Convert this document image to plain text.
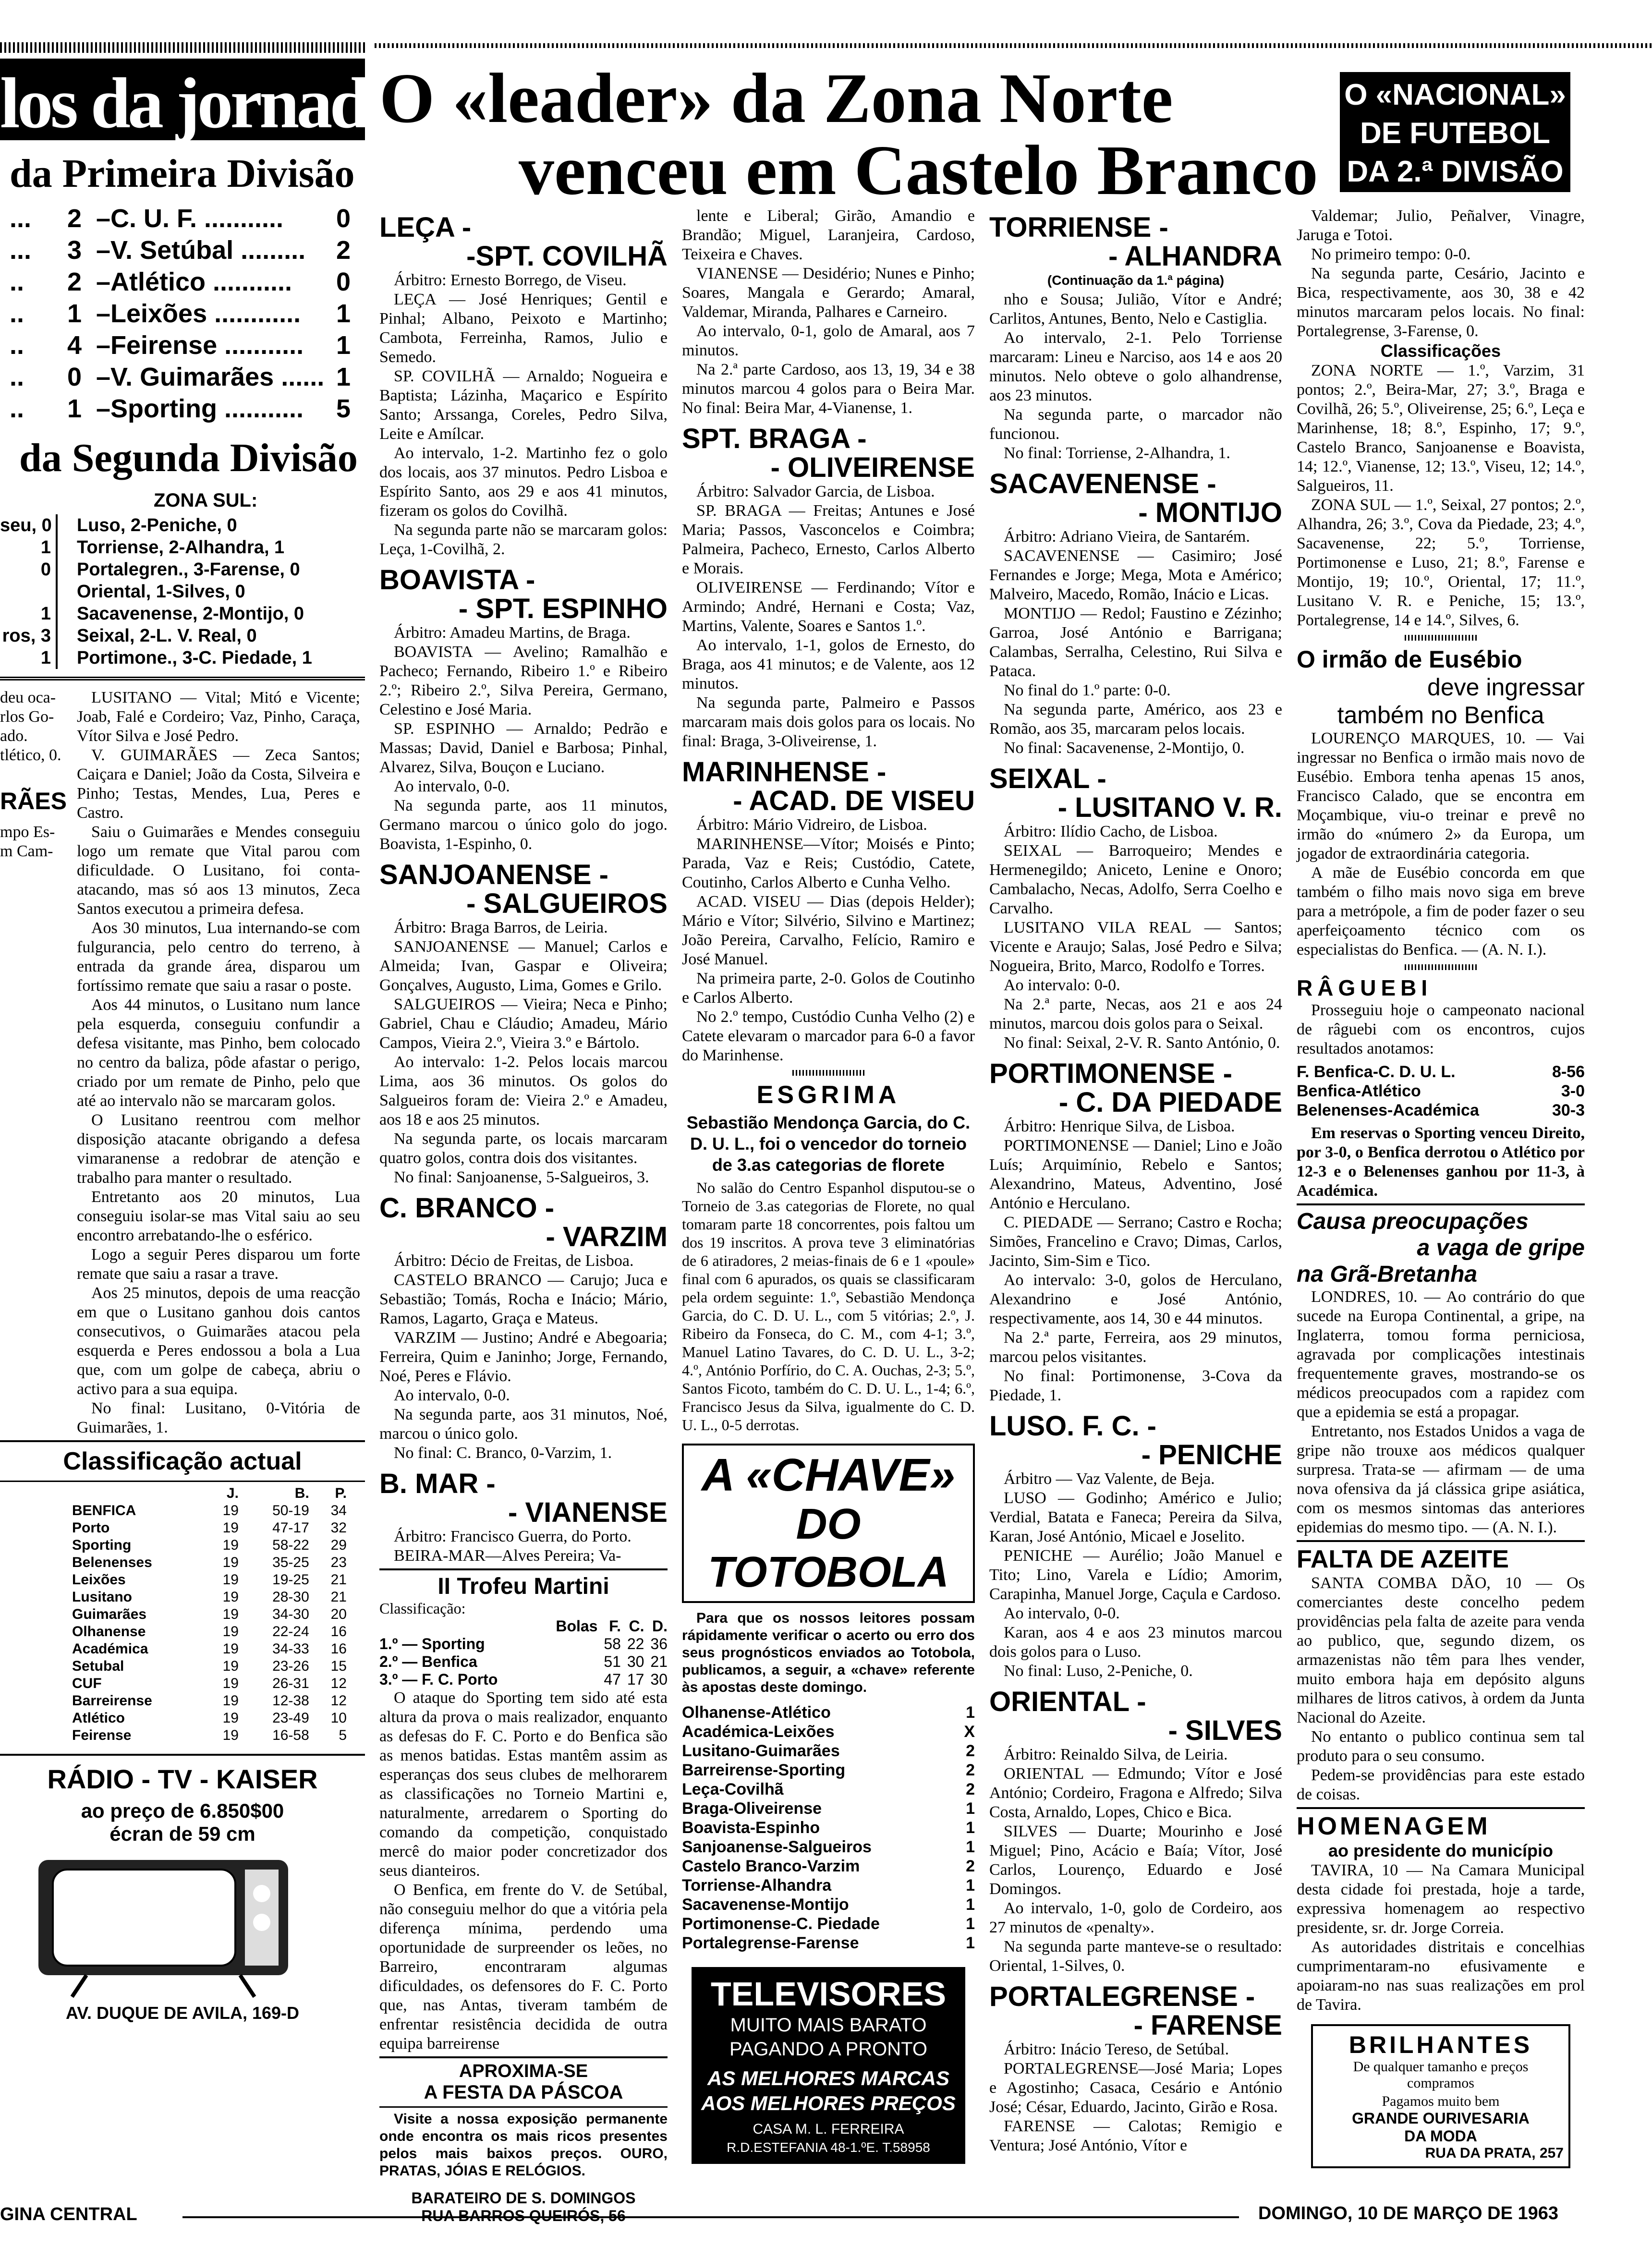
los da jornada
da Primeira Divisão
...	2 – C. U. F. ...........	0
...	3 – V. Setúbal .........	2
..	2 – Atlético ...........	0
..	1 – Leixões ............	1
..	4 – Feirense ...........	1
..	0 – V. Guimarães ...... 1
..	1 – Sporting ...........	5
da Segunda Divisão
ZONA SUL:
seu, 0	Luso, 2-Peniche, 0
1	Torriense, 2-Alhandra, 1
0	Portalegren., 3-Farense, 0
Oriental, 1-Silves, 0
1	Sacavenense, 2-Montijo, 0
ros, 3	Seixal, 2-L. V. Real, 0
1	Portimone., 3-C. Piedade, 1
deu oca-
rlos Go-
ado.
tlético, 0.
RÃES
mpo Es-
m Cam-

LUSITANO — Vital; Mitó e Vicente; Joab, Falé e Cordeiro; Vaz, Pinho, Caraça, Vítor Silva e José Pedro.

V. GUIMARÃES — Zeca Santos; Caiçara e Daniel; João da Costa, Silveira e Pinho; Testas, Mendes, Lua, Peres e Castro.

Saiu o Guimarães e Mendes conseguiu logo um remate que Vital parou com dificuldade. O Lusitano, foi conta-atacando, mas só aos 13 minutos, Zeca Santos executou a primeira defesa.

Aos 30 minutos, Lua internando-se com fulgurancia, pelo centro do terreno, à entrada da grande área, disparou um fortíssimo remate que saiu a rasar o poste.

Aos 44 minutos, o Lusitano num lance pela esquerda, conseguiu confundir a defesa visitante, mas Pinho, bem colocado no centro da baliza, pôde afastar o perigo, criado por um remate de Pinho, pelo que até ao intervalo não se marcaram golos.

O Lusitano reentrou com melhor disposição atacante obrigando a defesa vimaranense a redobrar de atenção e trabalho para manter o resultado.

Entretanto aos 20 minutos, Lua conseguiu isolar-se mas Vital saiu ao seu encontro arrebatando-lhe o esférico.

Logo a seguir Peres disparou um forte remate que saiu a rasar a trave.

Aos 25 minutos, depois de uma reacção em que o Lusitano ganhou dois cantos consecutivos, o Guimarães atacou pela esquerda e Peres endossou a bola a Lua que, com um golpe de cabeça, abriu o activo para a sua equipa.

No final: Lusitano, 0-Vitória de Guimarães, 1.

Classificação actual
	J.	B.	P.
BENFICA	19	50-19	34
Porto	19	47-17	32
Sporting	19	58-22	29
Belenenses	19	35-25	23
Leixões	19	19-25	21
Lusitano	19	28-30	21
Guimarães	19	34-30	20
Olhanense	19	22-24	16
Académica	19	34-33	16
Setubal	19	23-26	15
CUF	19	26-31	12
Barreirense	19	12-38	12
Atlético	19	23-49	10
Feirense	19	16-58	5
RÁDIO - TV - KAISER
ao preço de 6.850$00
écran de 59 cm
AV. DUQUE DE AVILA, 169-D
GINA CENTRAL
O «leader» da Zona Norte
venceu em Castelo Branco
O «NACIONAL»
DE FUTEBOL
DA 2.ª DIVISÃO
LEÇA -
-SPT. COVILHÃ

Árbitro: Ernesto Borrego, de Viseu.

LEÇA — José Henriques; Gentil e Pinhal; Albano, Peixoto e Martinho; Cambota, Ferreinha, Ramos, Julio e Semedo.

SP. COVILHÃ — Arnaldo; Nogueira e Baptista; Lázinha, Maçarico e Espírito Santo; Arssanga, Coreles, Pedro Silva, Leite e Amílcar.

Ao intervalo, 1-2. Martinho fez o golo dos locais, aos 37 minutos. Pedro Lisboa e Espírito Santo, aos 29 e aos 41 minutos, fizeram os golos do Covilhã.

Na segunda parte não se marcaram golos: Leça, 1-Covilhã, 2.

BOAVISTA -
- SPT. ESPINHO

Árbitro: Amadeu Martins, de Braga.

BOAVISTA — Avelino; Ramalhão e Pacheco; Fernando, Ribeiro 1.º e Ribeiro 2.º; Ribeiro 2.º, Silva Pereira, Germano, Celestino e José Maria.

SP. ESPINHO — Arnaldo; Pedrão e Massas; David, Daniel e Barbosa; Pinhal, Alvarez, Silva, Bouçon e Luciano.

Ao intervalo, 0-0.

Na segunda parte, aos 11 minutos, Germano marcou o único golo do jogo. Boavista, 1-Espinho, 0.

SANJOANENSE -
- SALGUEIROS

Árbitro: Braga Barros, de Leiria.

SANJOANENSE — Manuel; Carlos e Almeida; Ivan, Gaspar e Oliveira; Gonçalves, Augusto, Lima, Gomes e Grilo.

SALGUEIROS — Vieira; Neca e Pinho; Gabriel, Chau e Cláudio; Amadeu, Mário Campos, Vieira 2.º, Vieira 3.º e Bártolo.

Ao intervalo: 1-2. Pelos locais marcou Lima, aos 36 minutos. Os golos do Salgueiros foram de: Vieira 2.º e Amadeu, aos 18 e aos 25 minutos.

Na segunda parte, os locais marcaram quatro golos, contra dois dos visitantes.

No final: Sanjoanense, 5-Salgueiros, 3.

C. BRANCO -
- VARZIM

Árbitro: Décio de Freitas, de Lisboa.

CASTELO BRANCO — Carujo; Juca e Sebastião; Tomás, Rocha e Inácio; Mário, Ramos, Lagarto, Graça e Mateus.

VARZIM — Justino; André e Abegoaria; Ferreira, Quim e Janinho; Jorge, Fernando, Noé, Peres e Flávio.

Ao intervalo, 0-0.

Na segunda parte, aos 31 minutos, Noé, marcou o único golo.

No final: C. Branco, 0-Varzim, 1.

B. MAR -
- VIANENSE

Árbitro: Francisco Guerra, do Porto.

BEIRA-MAR—Alves Pereira; Va-

II Trofeu Martini
Classificação:
	Bolas	F.	C.	D.
1.º — Sporting		58	22	36
2.º — Benfica		51	30	21
3.º — F. C. Porto		47	17	30

O ataque do Sporting tem sido até esta altura da prova o mais realizador, enquanto as defesas do F. C. Porto e do Benfica são as menos batidas. Estas mantêm assim as esperanças dos seus clubes de melhorarem as classificações no Torneio Martini e, naturalmente, arredarem o Sporting do comando da competição, conquistado mercê do maior poder concretizador dos seus dianteiros.

O Benfica, em frente do V. de Setúbal, não conseguiu melhor do que a vitória pela diferença mínima, perdendo uma oportunidade de surpreender os leões, no Barreiro, encontraram algumas dificuldades, os defensores do F. C. Porto que, nas Antas, tiveram também de enfrentar resistência decidida de outra equipa barreirense

APROXIMA-SE
A FESTA DA PÁSCOA

Visite a nossa exposição permanente onde encontra os mais ricos presentes pelos mais baixos preços. OURO, PRATAS, JÓIAS E RELÓGIOS.

BARATEIRO DE S. DOMINGOS
RUA BARROS QUEIRÓS, 56

lente e Liberal; Girão, Amandio e Brandão; Miguel, Laranjeira, Cardoso, Teixeira e Chaves.

VIANENSE — Desidério; Nunes e Pinho; Soares, Mangala e Gerardo; Amaral, Valdemar, Miranda, Palhares e Carneiro.

Ao intervalo, 0-1, golo de Amaral, aos 7 minutos.

Na 2.ª parte Cardoso, aos 13, 19, 34 e 38 minutos marcou 4 golos para o Beira Mar. No final: Beira Mar, 4-Vianense, 1.

SPT. BRAGA -
- OLIVEIRENSE

Árbitro: Salvador Garcia, de Lisboa.

SP. BRAGA — Freitas; Antunes e José Maria; Passos, Vasconcelos e Coimbra; Palmeira, Pacheco, Ernesto, Carlos Alberto e Morais.

OLIVEIRENSE — Ferdinando; Vítor e Armindo; André, Hernani e Costa; Vaz, Martins, Valente, Soares e Santos 1.º.

Ao intervalo, 1-1, golos de Ernesto, do Braga, aos 41 minutos; e de Valente, aos 12 minutos.

Na segunda parte, Palmeiro e Passos marcaram mais dois golos para os locais. No final: Braga, 3-Oliveirense, 1.

MARINHENSE -
- ACAD. DE VISEU

Árbitro: Mário Vidreiro, de Lisboa.

MARINHENSE—Vítor; Moisés e Pinto; Parada, Vaz e Reis; Custódio, Catete, Coutinho, Carlos Alberto e Cunha Velho.

ACAD. VISEU — Dias (depois Helder); Mário e Vítor; Silvério, Silvino e Martinez; João Pereira, Carvalho, Felício, Ramiro e José Manuel.

Na primeira parte, 2-0. Golos de Coutinho e Carlos Alberto.

No 2.º tempo, Custódio Cunha Velho (2) e Catete elevaram o marcador para 6-0 a favor do Marinhense.

ESGRIMA
Sebastião Mendonça Garcia, do C. D. U. L., foi o vencedor do torneio de 3.as categorias de florete

No salão do Centro Espanhol disputou-se o Torneio de 3.as categorias de Florete, no qual tomaram parte 18 concorrentes, pois faltou um dos 19 inscritos. A prova teve 3 eliminatórias de 6 atiradores, 2 meias-finais de 6 e 1 «poule» final com 6 apurados, os quais se classificaram pela ordem seguinte: 1.º, Sebastião Mendonça Garcia, do C. D. U. L., com 5 vitórias; 2.º, J. Ribeiro da Fonseca, do C. M., com 4-1; 3.º, Manuel Latino Tavares, do C. D. U. L., 3-2; 4.º, António Porfírio, do C. A. Ouchas, 2-3; 5.º, Santos Ficoto, também do C. D. U. L., 1-4; 6.º, Francisco Jesus da Silva, igualmente do C. D. U. L., 0-5 derrotas.

A «CHAVE»
DO TOTOBOLA

Para que os nossos leitores possam rápidamente verificar o acerto ou erro dos seus prognósticos enviados ao Totobola, publicamos, a seguir, a «chave» referente às apostas deste domingo.

Olhanense-Atlético	1
Académica-Leixões	X
Lusitano-Guimarães	2
Barreirense-Sporting	2
Leça-Covilhã	2
Braga-Oliveirense	1
Boavista-Espinho	1
Sanjoanense-Salgueiros	1
Castelo Branco-Varzim	2
Torriense-Alhandra	1
Sacavenense-Montijo	1
Portimonense-C. Piedade	1
Portalegrense-Farense	1
TELEVISORES
MUITO MAIS BARATO
PAGANDO A PRONTO
AS MELHORES MARCAS
AOS MELHORES PREÇOS
CASA M. L. FERREIRA
R.D.ESTEFANIA 48-1.ºE. T.58958
TORRIENSE -
- ALHANDRA
(Continuação da 1.ª página)

nho e Sousa; Julião, Vítor e André; Carlitos, Antunes, Bento, Nelo e Castiglia.

Ao intervalo, 2-1. Pelo Torriense marcaram: Lineu e Narciso, aos 14 e aos 20 minutos. Nelo obteve o golo alhandrense, aos 23 minutos.

Na segunda parte, o marcador não funcionou.

No final: Torriense, 2-Alhandra, 1.

SACAVENENSE -
- MONTIJO

Árbitro: Adriano Vieira, de Santarém.

SACAVENENSE — Casimiro; José Fernandes e Jorge; Mega, Mota e Américo; Malveiro, Macedo, Romão, Inácio e Licas.

MONTIJO — Redol; Faustino e Zézinho; Garroa, José António e Barrigana; Calambas, Serralha, Celestino, Rui Silva e Pataca.

No final do 1.º parte: 0-0.

Na segunda parte, Américo, aos 23 e Romão, aos 35, marcaram pelos locais.

No final: Sacavenense, 2-Montijo, 0.

SEIXAL -
- LUSITANO V. R.

Árbitro: Ilídio Cacho, de Lisboa.

SEIXAL — Barroqueiro; Mendes e Hermenegildo; Aniceto, Lenine e Onoro; Cambalacho, Necas, Adolfo, Serra Coelho e Carvalho.

LUSITANO VILA REAL — Santos; Vicente e Araujo; Salas, José Pedro e Silva; Nogueira, Brito, Marco, Rodolfo e Torres.

Ao intervalo: 0-0.

Na 2.ª parte, Necas, aos 21 e aos 24 minutos, marcou dois golos para o Seixal.

No final: Seixal, 2-V. R. Santo António, 0.

PORTIMONENSE -
- C. DA PIEDADE

Árbitro: Henrique Silva, de Lisboa.

PORTIMONENSE — Daniel; Lino e João Luís; Arquimínio, Rebelo e Santos; Alexandrino, Mateus, Adventino, José António e Herculano.

C. PIEDADE — Serrano; Castro e Rocha; Simões, Francelino e Cravo; Dimas, Carlos, Jacinto, Sim-Sim e Tico.

Ao intervalo: 3-0, golos de Herculano, Alexandrino e José António, respectivamente, aos 14, 30 e 44 minutos.

Na 2.ª parte, Ferreira, aos 29 minutos, marcou pelos visitantes.

No final: Portimonense, 3-Cova da Piedade, 1.

LUSO. F. C. -
- PENICHE

Árbitro — Vaz Valente, de Beja.

LUSO — Godinho; Américo e Julio; Verdial, Batata e Faneca; Pereira da Silva, Karan, José António, Micael e Joselito.

PENICHE — Aurélio; João Manuel e Tito; Lino, Varela e Lídio; Amorim, Carapinha, Manuel Jorge, Caçula e Cardoso.

Ao intervalo, 0-0.

Karan, aos 4 e aos 23 minutos marcou dois golos para o Luso.

No final: Luso, 2-Peniche, 0.

ORIENTAL -
- SILVES

Árbitro: Reinaldo Silva, de Leiria.

ORIENTAL — Edmundo; Vítor e José António; Cordeiro, Fragona e Alfredo; Silva Costa, Arnaldo, Lopes, Chico e Bica.

SILVES — Duarte; Mourinho e José Miguel; Pino, Acácio e Baía; Vítor, José Carlos, Lourenço, Eduardo e José Domingos.

Ao intervalo, 1-0, golo de Cordeiro, aos 27 minutos de «penalty».

Na segunda parte manteve-se o resultado: Oriental, 1-Silves, 0.

PORTALEGRENSE -
- FARENSE

Árbitro: Inácio Tereso, de Setúbal.

PORTALEGRENSE—José Maria; Lopes e Agostinho; Casaca, Cesário e António José; César, Eduardo, Jacinto, Girão e Rosa.

FARENSE — Calotas; Remigio e Ventura; José António, Vítor e

Valdemar; Julio, Peñalver, Vinagre, Jaruga e Totoi.

No primeiro tempo: 0-0.

Na segunda parte, Cesário, Jacinto e Bica, respectivamente, aos 30, 38 e 42 minutos marcaram pelos locais. No final: Portalegrense, 3-Farense, 0.

Classificações

ZONA NORTE — 1.º, Varzim, 31 pontos; 2.º, Beira-Mar, 27; 3.º, Braga e Covilhã, 26; 5.º, Oliveirense, 25; 6.º, Leça e Marinhense, 18; 8.º, Espinho, 17; 9.º, Castelo Branco, Sanjoanense e Boavista, 14; 12.º, Vianense, 12; 13.º, Viseu, 12; 14.º, Salgueiros, 11.

ZONA SUL — 1.º, Seixal, 27 pontos; 2.º, Alhandra, 26; 3.º, Cova da Piedade, 23; 4.º, Sacavenense, 22; 5.º, Torriense, Portimonense e Luso, 21; 8.º, Farense e Montijo, 19; 10.º, Oriental, 17; 11.º, Lusitano V. R. e Peniche, 15; 13.º, Portalegrense, 14 e 14.º, Silves, 6.

O irmão de Eusébio
deve ingressar
também no Benfica

LOURENÇO MARQUES, 10. — Vai ingressar no Benfica o irmão mais novo de Eusébio. Embora tenha apenas 15 anos, Francisco Calado, que se encontra em Moçambique, viu-o treinar e prevê no irmão do «número 2» da Europa, um jogador de extraordinária categoria.

A mãe de Eusébio concorda em que também o filho mais novo siga em breve para a metrópole, a fim de poder fazer o seu aperfeiçoamento técnico com os especialistas do Benfica. — (A. N. I.).

RÂGUEBI

Prosseguiu hoje o campeonato nacional de râguebi com os encontros, cujos resultados anotamos:

F. Benfica-C. D. U. L.	8-56
Benfica-Atlético	3-0
Belenenses-Académica	30-3

Em reservas o Sporting venceu Direito, por 3-0, o Benfica derrotou o Atlético por 12-3 e o Belenenses ganhou por 11-3, à Académica.

Causa preocupações
a vaga de gripe
na Grã-Bretanha

LONDRES, 10. — Ao contrário do que sucede na Europa Continental, a gripe, na Inglaterra, tomou forma perniciosa, agravada por complicações intestinais frequentemente graves, mostrando-se os médicos preocupados com a rapidez com que a epidemia se está a propagar.

Entretanto, nos Estados Unidos a vaga de gripe não trouxe aos médicos qualquer surpresa. Trata-se — afirmam — de uma nova ofensiva da já clássica gripe asiática, com os mesmos sintomas das anteriores epidemias do mesmo tipo. — (A. N. I.).

FALTA DE AZEITE

SANTA COMBA DÃO, 10 — Os comerciantes deste concelho pedem providências pela falta de azeite para venda ao publico, que, segundo dizem, os armazenistas não têm para lhes vender, muito embora haja em depósito alguns milhares de litros cativos, à ordem da Junta Nacional do Azeite.

No entanto o publico continua sem tal produto para o seu consumo.

Pedem-se providências para este estado de coisas.

HOMENAGEM
ao presidente do município

TAVIRA, 10 — Na Camara Municipal desta cidade foi prestada, hoje a tarde, expressiva homenagem ao respectivo presidente, sr. dr. Jorge Correia.

As autoridades distritais e concelhias cumprimentaram-no efusivamente e apoiaram-no nas suas realizações em prol de Tavira.

BRILHANTES
De qualquer tamanho e preços compramos
Pagamos muito bem
GRANDE OURIVESARIA
DA MODA
RUA DA PRATA, 257
DOMINGO, 10 DE MARÇO DE 1963
